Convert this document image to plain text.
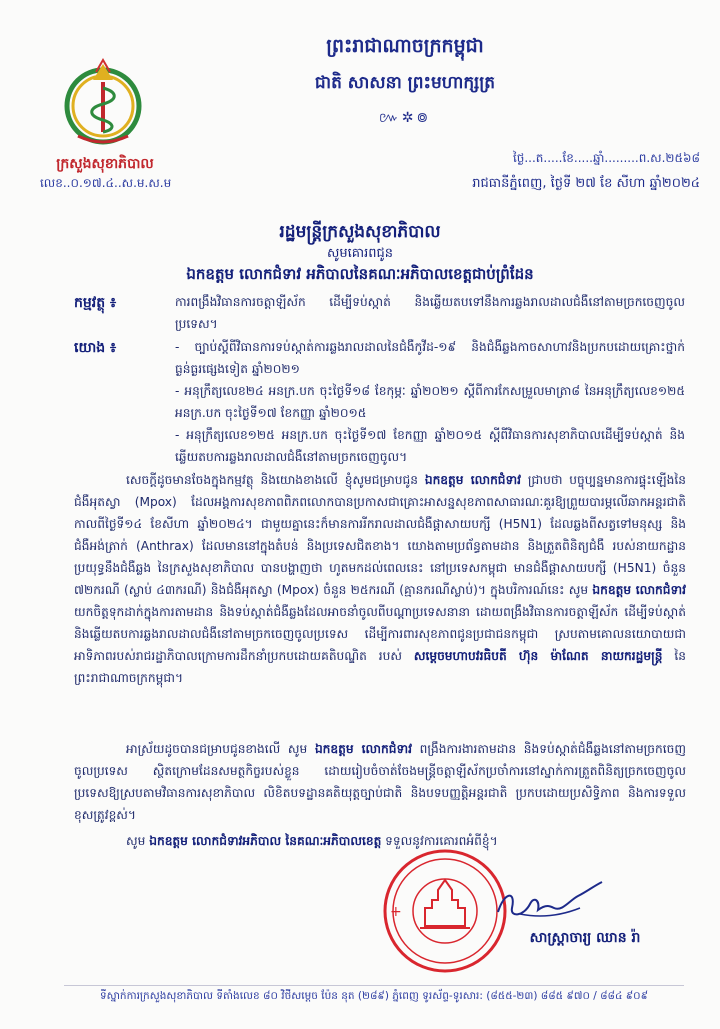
ព្រះរាជាណាចក្រកម្ពុជា
ជាតិ សាសនា ព្រះមហាក្សត្រ
៚✲៙
ក្រសួងសុខាភិបាល
លេខ..០.១៧.៤..ស.ម.ស.ម
ថ្ងៃ...ត.....ខែ.....ឆ្នាំ.........ព.ស.២៥៦៨
រាជធានីភ្នំពេញ, ថ្ងៃទី ២៧ ខែ សីហា ឆ្នាំ២០២៤
រដ្ឋមន្ត្រីក្រសួងសុខាភិបាល
សូមគោរពជូន
ឯកឧត្តម លោកជំទាវ អភិបាលនៃគណៈអភិបាលខេត្តជាប់ព្រំដែន
កម្មវត្ថុ ៖	ការពង្រឹងវិធានការចត្តាឡីស័ក ដើម្បីទប់ស្កាត់ និងឆ្លើយតបទៅនឹងការឆ្លងរាលដាលជំងឺនៅតាមច្រកចេញចូលប្រទេស។
យោង ៖	- ច្បាប់ស្តីពីវិធានការទប់ស្កាត់ការឆ្លងរាលដាលនៃជំងឺកូវីដ-១៩ និងជំងឺឆ្លងកាចសាហាវនិងប្រកបដោយគ្រោះថ្នាក់ធ្ងន់ធ្ងរផ្សេងទៀត ឆ្នាំ២០២១
- អនុក្រឹត្យលេខ២៤ អនក្រ.បក ចុះថ្ងៃទី១៨ ខែកុម្ភៈ ឆ្នាំ២០២១ ស្តីពីការកែសម្រួលមាត្រា៨ នៃអនុក្រឹត្យលេខ១២៥ អនក្រ.បក ចុះថ្ងៃទី១៧ ខែកញ្ញា ឆ្នាំ២០១៥
- អនុក្រឹត្យលេខ១២៥ អនក្រ.បក ចុះថ្ងៃទី១៧ ខែកញ្ញា ឆ្នាំ២០១៥ ស្តីពីវិធានការសុខាភិបាលដើម្បីទប់ស្កាត់ និងឆ្លើយតបការឆ្លងរាលដាលជំងឺនៅតាមច្រកចេញចូល។
សេចក្តីដូចមានចែងក្នុងកម្មវត្ថុ និងយោងខាងលើ ខ្ញុំសូមជម្រាបជូន ឯកឧត្តម លោកជំទាវ ជ្រាបថា បច្ចុប្បន្នមានការផ្ទុះឡើងនៃជំងឺអុតស្វា (Mpox) ដែលអង្គការសុខភាពពិភពលោកបានប្រកាសជាគ្រោះអាសន្នសុខភាពសាធារណៈគួរឱ្យព្រួយបារម្ភលើឆាកអន្តរជាតិ កាលពីថ្ងៃទី១៤ ខែសីហា ឆ្នាំ២០២៤។ ជាមួយគ្នានេះក៏មានការរីករាលដាលជំងឺផ្តាសាយបក្សី (H5N1) ដែលឆ្លងពីសត្វទៅមនុស្ស និងជំងឺអង់ត្រាក់ (Anthrax) ដែលមាននៅក្នុងតំបន់ និងប្រទេសជិតខាង។ យោងតាមប្រព័ន្ធតាមដាន និងត្រួតពិនិត្យជំងឺ របស់នាយកដ្ឋានប្រយុទ្ធនឹងជំងឺឆ្លង នៃក្រសួងសុខាភិបាល បានបង្ហាញថា ហូតមកដល់ពេលនេះ នៅប្រទេសកម្ពុជា មានជំងឺផ្តាសាយបក្សី (H5N1) ចំនួន ៧២ករណី (ស្លាប់ ៤៣ករណី) និងជំងឺអុតស្វា (Mpox) ចំនួន ២៥ករណី (គ្មានករណីស្លាប់)។ ក្នុងបរិការណ៍នេះ សូម ឯកឧត្តម លោកជំទាវ យកចិត្តទុកដាក់ក្នុងការតាមដាន និងទប់ស្កាត់ជំងឺឆ្លងដែលអាចនាំចូលពីបណ្តាប្រទេសនានា ដោយពង្រឹងវិធានការចត្តាឡីស័ក ដើម្បីទប់ស្កាត់ និងឆ្លើយតបការឆ្លងរាលដាលជំងឺនៅតាមច្រកចេញចូលប្រទេស ដើម្បីការពារសុខភាពជូនប្រជាជនកម្ពុជា ស្របតាមគោលនយោបាយជាអាទិភាពរបស់រាជរដ្ឋាភិបាលក្រោមការដឹកនាំប្រកបដោយគតិបណ្ឌិត របស់ សម្តេចមហាបវរធិបតី ហ៊ុន ម៉ាណែត នាយករដ្ឋមន្ត្រី នៃព្រះរាជាណាចក្រកម្ពុជា។
អាស្រ័យដូចបានជម្រាបជូនខាងលើ សូម ឯកឧត្តម លោកជំទាវ ពង្រឹងការងារតាមដាន និងទប់ស្កាត់ជំងឺឆ្លងនៅតាមច្រកចេញចូលប្រទេស ស្ថិតក្រោមដែនសមត្ថកិច្ចរបស់ខ្លួន ដោយរៀបចំចាត់ចែងមន្ត្រីចត្តាឡីស័កប្រចាំការនៅស្នាក់ការត្រួតពិនិត្យច្រកចេញចូលប្រទេសឱ្យស្របតាមវិធានការសុខាភិបាល លិខិតបទដ្ឋានគតិយុត្តច្បាប់ជាតិ និងបទបញ្ញត្តិអន្តរជាតិ ប្រកបដោយប្រសិទ្ធិភាព និងការទទួលខុសត្រូវខ្ពស់។
សូម ឯកឧត្តម លោកជំទាវអភិបាល នៃគណៈអភិបាលខេត្ត ទទួលនូវការគោរពអំពីខ្ញុំ។
+
សាស្ត្រាចារ្យ ឈាន រ៉ា
ទីស្នាក់ការក្រសួងសុខាភិបាល ទីតាំងលេខ ៨០ វិថីសម្តេច ប៉ែន នុត (២៨៩) ភ្នំពេញ ទូរស័ព្ទ-ទូរសារ: (៨៥៥-២៣) ៨៨៥ ៩៧០ / ៨៨៤ ៩០៩
